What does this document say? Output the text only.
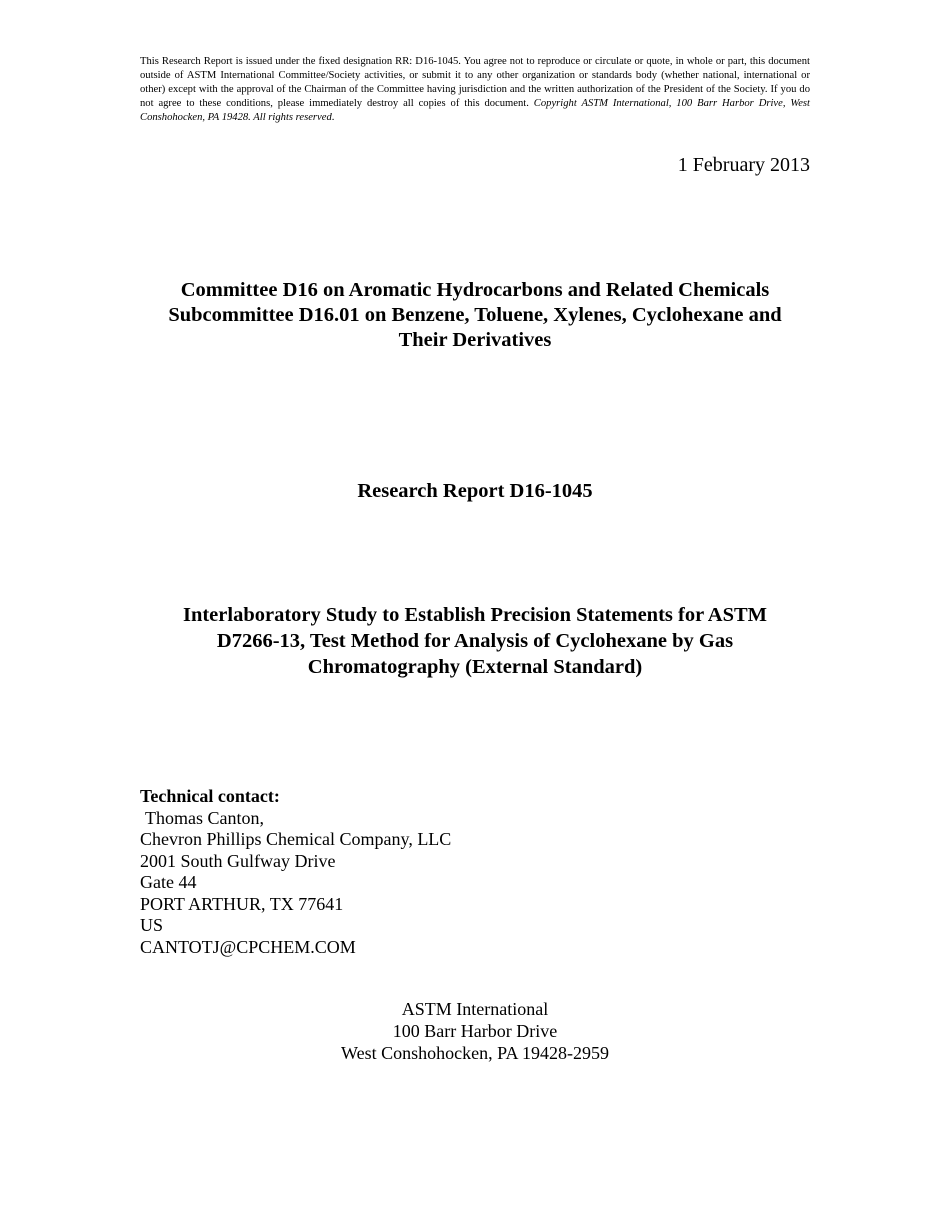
This Research Report is issued under the fixed designation RR: D16-1045. You agree not to reproduce or circulate or quote, in whole or part, this document outside of ASTM International Committee/Society activities, or submit it to any other organization or standards body (whether national, international or other) except with the approval of the Chairman of the Committee having jurisdiction and the written authorization of the President of the Society. If you do not agree to these conditions, please immediately destroy all copies of this document. Copyright ASTM International, 100 Barr Harbor Drive, West Conshohocken, PA 19428. All rights reserved.
1 February 2013
Committee D16 on Aromatic Hydrocarbons and Related Chemicals
Subcommittee D16.01 on Benzene, Toluene, Xylenes, Cyclohexane and
Their Derivatives
Research Report D16-1045
Interlaboratory Study to Establish Precision Statements for ASTM
D7266-13, Test Method for Analysis of Cyclohexane by Gas
Chromatography (External Standard)
Technical contact:
Thomas Canton,
Chevron Phillips Chemical Company, LLC
2001 South Gulfway Drive
Gate 44
PORT ARTHUR, TX 77641
US
CANTOTJ@CPCHEM.COM
ASTM International
100 Barr Harbor Drive
West Conshohocken, PA 19428-2959
